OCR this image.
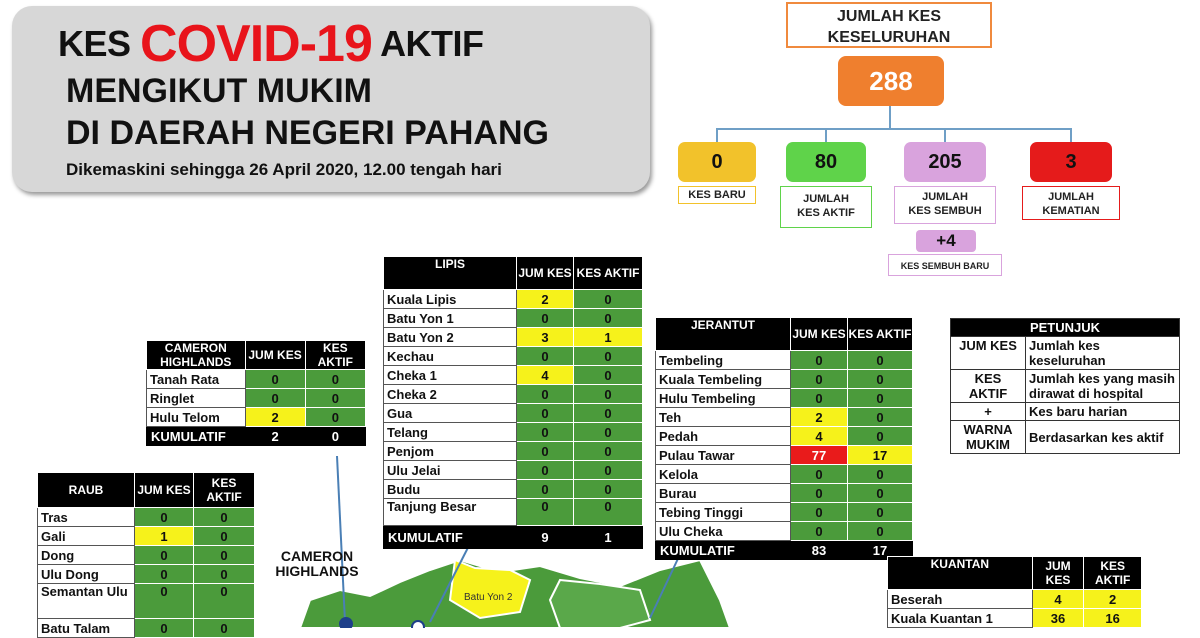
KES COVID-19 AKTIF
MENGIKUT MUKIM
DI DAERAH NEGERI PAHANG
Dikemaskini sehingga 26 April 2020, 12.00 tengah hari
JUMLAH KES
KESELURUHAN
288
0
KES BARU
80
JUMLAH
KES AKTIF
205
JUMLAH
KES SEMBUH
3
JUMLAH
KEMATIAN
+4
KES SEMBUH BARU
Batu Yon 2
CAMERON
HIGHLANDS
CAMERON
HIGHLANDS	JUM KES	KES AKTIF
Tanah Rata	0	0
Ringlet	0	0
Hulu Telom	2	0
KUMULATIF	2	0
RAUB	JUM KES	KES AKTIF
Tras	0	0
Gali	1	0
Dong	0	0
Ulu Dong	0	0
Semantan Ulu	0	0
Batu Talam	0	0
LIPIS	JUM KES	KES AKTIF
Kuala Lipis	2	0
Batu Yon 1	0	0
Batu Yon 2	3	1
Kechau	0	0
Cheka 1	4	0
Cheka 2	0	0
Gua	0	0
Telang	0	0
Penjom	0	0
Ulu Jelai	0	0
Budu	0	0
Tanjung Besar	0	0
KUMULATIF	9	1
JERANTUT	JUM KES	KES AKTIF
Tembeling	0	0
Kuala Tembeling	0	0
Hulu Tembeling	0	0
Teh	2	0
Pedah	4	0
Pulau Tawar	77	17
Kelola	0	0
Burau	0	0
Tebing Tinggi	0	0
Ulu Cheka	0	0
KUMULATIF	83	17
PETUNJUK	
JUM KES	Jumlah kes keseluruhan
KES AKTIF	Jumlah kes yang masih dirawat di hospital
+	Kes baru harian
WARNA MUKIM	Berdasarkan kes aktif
KUANTAN	JUM KES	KES AKTIF
Beserah	4	2
Kuala Kuantan 1	36	16
